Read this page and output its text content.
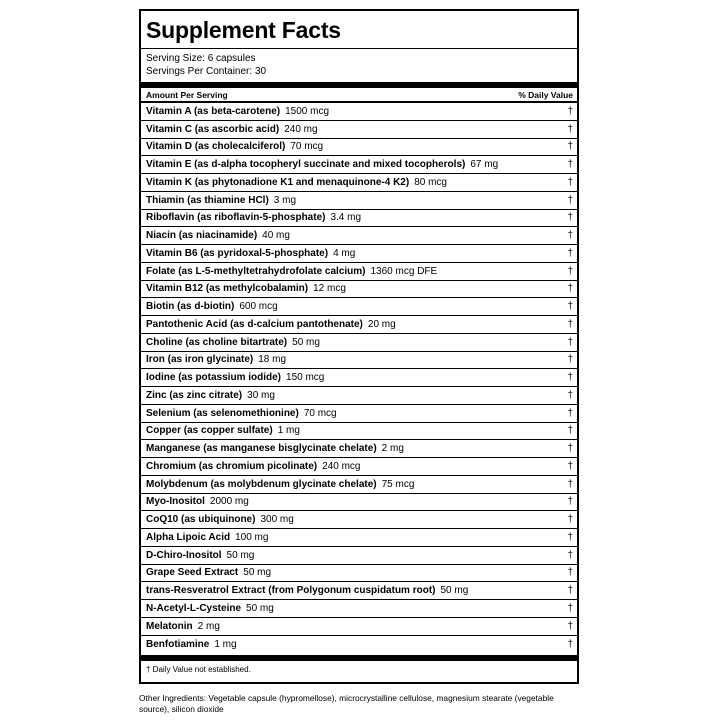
Supplement Facts
Serving Size: 6 capsules
Servings Per Container: 30
Amount Per Serving	% Daily Value
Vitamin A (as beta-carotene) 1500 mcg	†
Vitamin C (as ascorbic acid) 240 mg	†
Vitamin D (as cholecalciferol) 70 mcg	†
Vitamin E (as d-alpha tocopheryl succinate and mixed tocopherols) 67 mg	†
Vitamin K (as phytonadione K1 and menaquinone-4 K2) 80 mcg	†
Thiamin (as thiamine HCl) 3 mg	†
Riboflavin (as riboflavin-5-phosphate) 3.4 mg	†
Niacin (as niacinamide) 40 mg	†
Vitamin B6 (as pyridoxal-5-phosphate) 4 mg	†
Folate (as L-5-methyltetrahydrofolate calcium) 1360 mcg DFE	†
Vitamin B12 (as methylcobalamin) 12 mcg	†
Biotin (as d-biotin) 600 mcg	†
Pantothenic Acid (as d-calcium pantothenate) 20 mg	†
Choline (as choline bitartrate) 50 mg	†
Iron (as iron glycinate) 18 mg	†
Iodine (as potassium iodide) 150 mcg	†
Zinc (as zinc citrate) 30 mg	†
Selenium (as selenomethionine) 70 mcg	†
Copper (as copper sulfate) 1 mg	†
Manganese (as manganese bisglycinate chelate) 2 mg	†
Chromium (as chromium picolinate) 240 mcg	†
Molybdenum (as molybdenum glycinate chelate) 75 mcg	†
Myo-Inositol 2000 mg	†
CoQ10 (as ubiquinone) 300 mg	†
Alpha Lipoic Acid 100 mg	†
D-Chiro-Inositol 50 mg	†
Grape Seed Extract 50 mg	†
trans-Resveratrol Extract (from Polygonum cuspidatum root) 50 mg	†
N-Acetyl-L-Cysteine 50 mg	†
Melatonin 2 mg	†
Benfotiamine 1 mg	†
† Daily Value not established.
Other Ingredients: Vegetable capsule (hypromellose), microcrystalline cellulose, magnesium stearate (vegetable source), silicon dioxide
